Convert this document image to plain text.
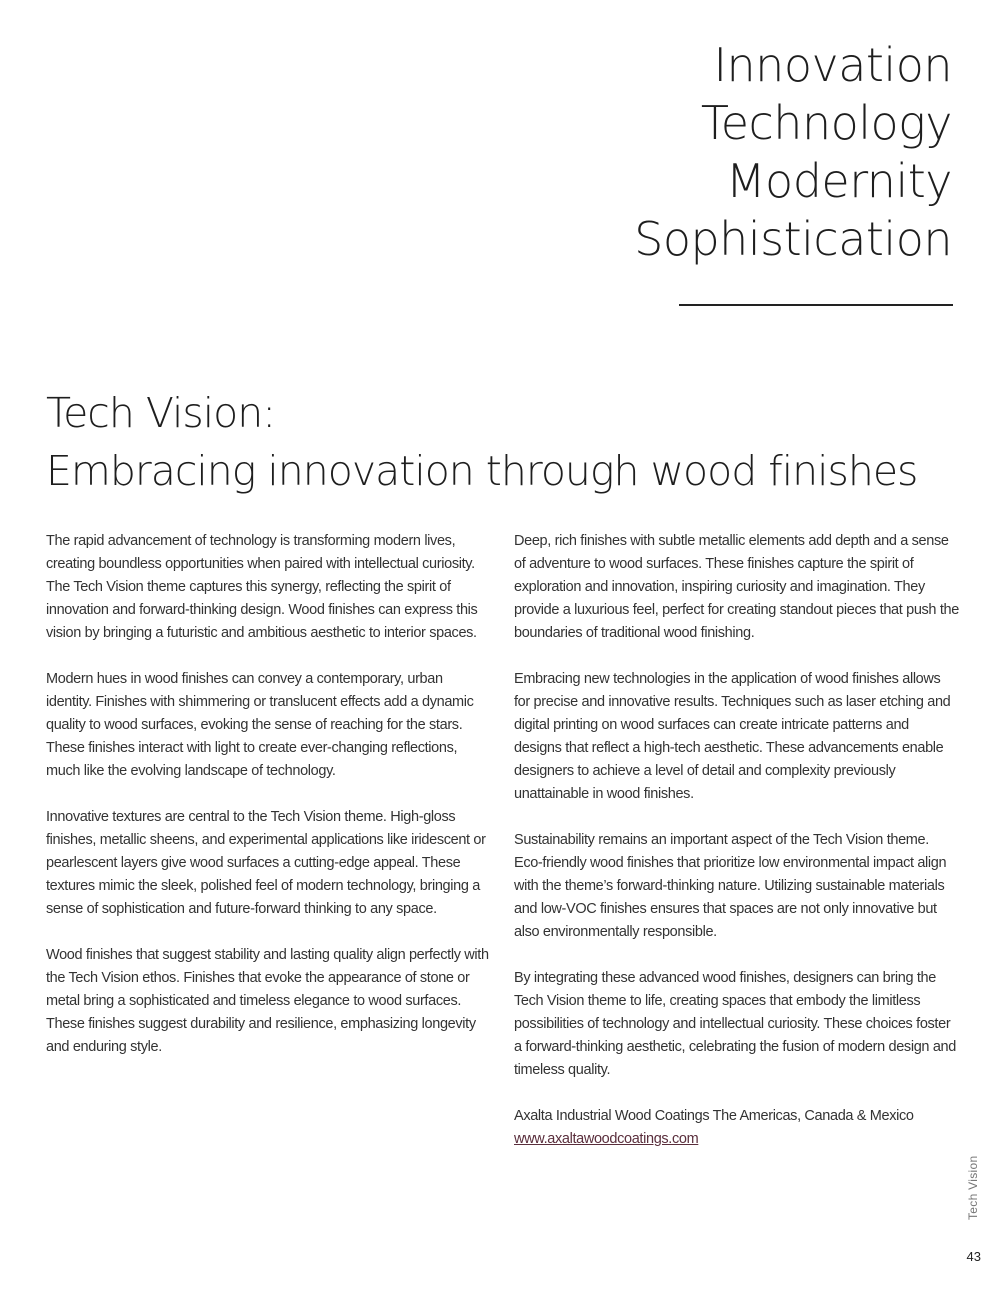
Innovation
Technology
Modernity
Sophistication
Tech Vision:
Embracing innovation through wood finishes

The rapid advancement of technology is transforming modern lives, creating boundless opportunities when paired with intellectual curiosity. The Tech Vision theme captures this synergy, reflecting the spirit of innovation and forward-thinking design. Wood finishes can express this vision by bringing a futuristic and ambitious aesthetic to interior spaces.

Modern hues in wood finishes can convey a contemporary, urban identity. Finishes with shimmering or translucent effects add a dynamic quality to wood surfaces, evoking the sense of reaching for the stars. These finishes interact with light to create ever-changing reflections, much like the evolving landscape of technology.

Innovative textures are central to the Tech Vision theme. High-gloss finishes, metallic sheens, and experimental applications like iridescent or pearlescent layers give wood surfaces a cutting-edge appeal. These textures mimic the sleek, polished feel of modern technology, bringing a sense of sophistication and future-forward thinking to any space.

Wood finishes that suggest stability and lasting quality align perfectly with the Tech Vision ethos. Finishes that evoke the appearance of stone or metal bring a sophisticated and timeless elegance to wood surfaces. These finishes suggest durability and resilience, emphasizing longevity and enduring style.

Deep, rich finishes with subtle metallic elements add depth and a sense of adventure to wood surfaces. These finishes capture the spirit of exploration and innovation, inspiring curiosity and imagination. They provide a luxurious feel, perfect for creating standout pieces that push the boundaries of traditional wood finishing.

Embracing new technologies in the application of wood finishes allows for precise and innovative results. Techniques such as laser etching and digital printing on wood surfaces can create intricate patterns and designs that reflect a high-tech aesthetic. These advancements enable designers to achieve a level of detail and complexity previously unattainable in wood finishes.

Sustainability remains an important aspect of the Tech Vision theme. Eco-friendly wood finishes that prioritize low environmental impact align with the theme’s forward-thinking nature. Utilizing sustainable materials and low-VOC finishes ensures that spaces are not only innovative but also environmentally responsible.

By integrating these advanced wood finishes, designers can bring the Tech Vision theme to life, creating spaces that embody the limitless possibilities of technology and intellectual curiosity. These choices foster a forward-thinking aesthetic, celebrating the fusion of modern design and timeless quality.

Axalta Industrial Wood Coatings The Americas, Canada & Mexico
www.axaltawoodcoatings.com
Tech Vision
43
